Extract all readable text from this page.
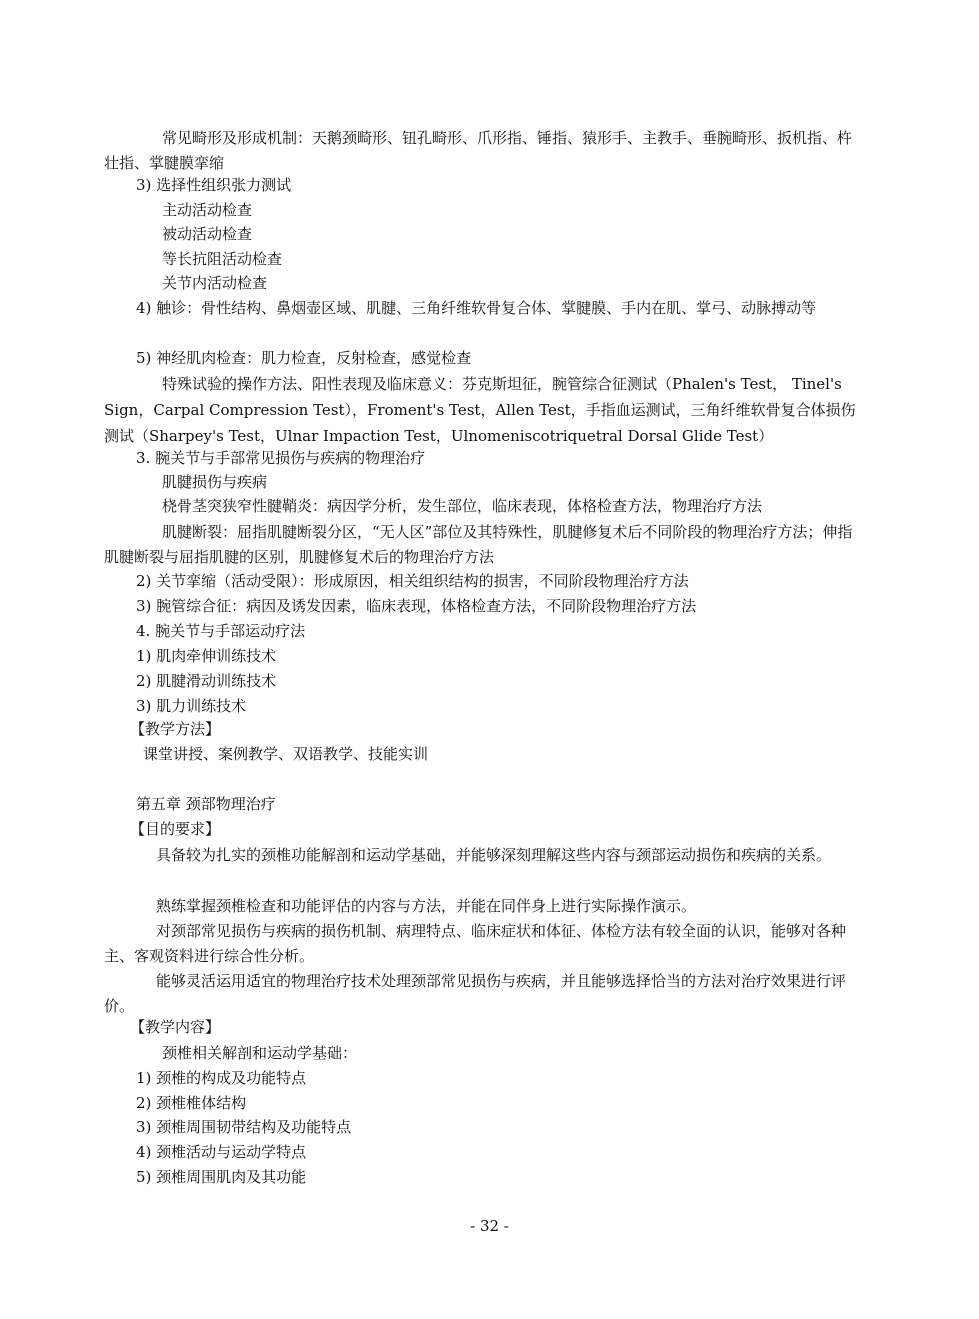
常见畸形及形成机制：天鹅颈畸形、钮孔畸形、爪形指、锤指、猿形手、主教手、垂腕畸形、扳机指、杵壮指、掌腱膜挛缩
3) 选择性组织张力测试
主动活动检查
被动活动检查
等长抗阻活动检查
关节内活动检查
4) 触诊：骨性结构、鼻烟壶区域、肌腱、三角纤维软骨复合体、掌腱膜、手内在肌、掌弓、动脉搏动等
5) 神经肌肉检查：肌力检查，反射检查，感觉检查
特殊试验的操作方法、阳性表现及临床意义：芬克斯坦征，腕管综合征测试（Phalen's Test， Tinel's Sign，Carpal Compression Test），Froment's Test，Allen Test，手指血运测试，三角纤维软骨复合体损伤测试（Sharpey's Test，Ulnar Impaction Test，Ulnomeniscotriquetral Dorsal Glide Test）
3. 腕关节与手部常见损伤与疾病的物理治疗
肌腱损伤与疾病
桡骨茎突狭窄性腱鞘炎：病因学分析，发生部位，临床表现，体格检查方法，物理治疗方法
肌腱断裂：屈指肌腱断裂分区，“无人区”部位及其特殊性，肌腱修复术后不同阶段的物理治疗方法；伸指肌腱断裂与屈指肌腱的区别，肌腱修复术后的物理治疗方法
2) 关节挛缩（活动受限）：形成原因，相关组织结构的损害，不同阶段物理治疗方法
3) 腕管综合征：病因及诱发因素，临床表现，体格检查方法，不同阶段物理治疗方法
4. 腕关节与手部运动疗法
1) 肌肉牵伸训练技术
2) 肌腱滑动训练技术
3) 肌力训练技术
【教学方法】
课堂讲授、案例教学、双语教学、技能实训
第五章 颈部物理治疗
【目的要求】
具备较为扎实的颈椎功能解剖和运动学基础，并能够深刻理解这些内容与颈部运动损伤和疾病的关系。
熟练掌握颈椎检查和功能评估的内容与方法，并能在同伴身上进行实际操作演示。
对颈部常见损伤与疾病的损伤机制、病理特点、临床症状和体征、体检方法有较全面的认识，能够对各种主、客观资料进行综合性分析。
能够灵活运用适宜的物理治疗技术处理颈部常见损伤与疾病，并且能够选择恰当的方法对治疗效果进行评价。
【教学内容】
颈椎相关解剖和运动学基础：
1) 颈椎的构成及功能特点
2) 颈椎椎体结构
3) 颈椎周围韧带结构及功能特点
4) 颈椎活动与运动学特点
5) 颈椎周围肌肉及其功能
- 32 -
